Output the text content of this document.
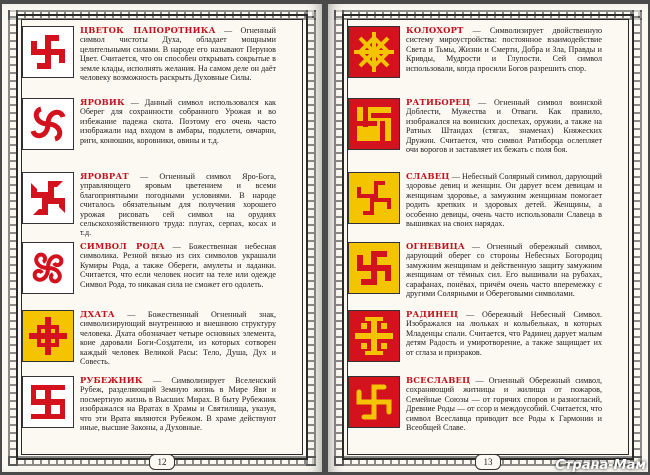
ЦВЕТОК ПАПОРОТНИКА — Огненный символ чистоты Духа, обладает мощными целительными силами. В народе его называют Перунов Цвет. Считается, что он способен открывать сокрытые в земле клады, исполнять желания. На самом деле он даёт человеку возможность раскрыть Духовные Силы.
ЯРОВИК — Данный символ использовался как Оберег для сохранности собранного Урожая и во избежание падежа скота. Поэтому его очень часто изображали над входом в амбары, подклети, овчарни, риги, конюшни, коровники, овины и т.д.
ЯРОВРАТ — Огненный символ Яро-Бога, управляющего яровым цветением и всеми благоприятными погодными условиями. В народе считалось обязательным для получения хорошего урожая рисовать сей символ на орудиях сельскохозяйственного труда: плугах, серпах, косах и т.д.
СИМВОЛ РОДА — Божественная небесная символика. Резной вязью из сих символов украшали Кумиры Рода, а также Обереги, амулеты и ладанки. Считается, что если человек носит на теле или одежде Символ Рода, то никакая сила не сможет его одолеть.
ДХАТА — Божественный Огненный знак, символизирующий внутреннюю и внешнюю структуру человека. Дхата обозначает четыре основных элемента, коие даровали Боги-Создатели, из которых сотворен каждый человек Великой Расы: Тело, Душа, Дух и Совесть.
РУБЕЖНИК — Символизирует Вселенский Рубеж, разделяющий Земную жизнь в Мире Яви и посмертную жизнь в Высших Мирах. В быту Рубежник изображался на Вратах в Храмы и Святилища, указуя, что эти Врата являются Рубежом. В храме действуют иные, высшие Законы, а Духовные.
12
КОЛОХОРТ — Символизирует двойственную систему мироустройства: постоянное взаимодействие Света и Тьмы, Жизни и Смерти, Добра и Зла, Правды и Кривды, Мудрости и Глупости. Сей символ использовали, когда просили Богов разрешить спор.
РАТИБОРЕЦ — Огненный символ воинской Доблести, Мужества и Отваги. Как правило, изображался на воинских доспехах, оружии, а также на Ратных Штандах (стягах, знаменах) Княжеских Дружин. Считается, что символ Ратиборца ослепляет очи ворогов и заставляет их бежать с поля боя.
СЛАВЕЦ — Небесный Солярный символ, дарующий здоровье девиц и женщин. Он дарует всем девицам и женщинам здоровье, а замужним женщинам помогает родить крепких и здоровых детей. Женщины, а особенно девицы, очень часто использовали Славеца в вышивках на своих нарядах.
ОГНЕВИЦА — Огненный обережный символ, дарующий оберег со стороны Небесных Богородиц замужним женщинам и действенную защиту замужним женщинам от тёмных сил. Его вышивали на рубахах, сарафанах, понёвах, причём очень часто вперемежку с другими Солярными и Обереговыми символами.
РАДИНЕЦ — Обережный Небесный Символ. Изображался на люльках и колыбельках, в которых Младенцы спали. Считается, что Радинец дарует малым детям Радость и умиротворение, а также защищает их от сглаза и призраков.
ВСЕСЛАВЕЦ — Огненный Обережный символ, сохраняющий житницы и жилища от пожаров, Семейные Союзы — от горячих споров и разногласий, Древние Роды — от ссор и междоусобий. Считается, что символ Всеславца приводит все Роды к Гармонии и Всеобщей Славе.
13	Страна-Мам
